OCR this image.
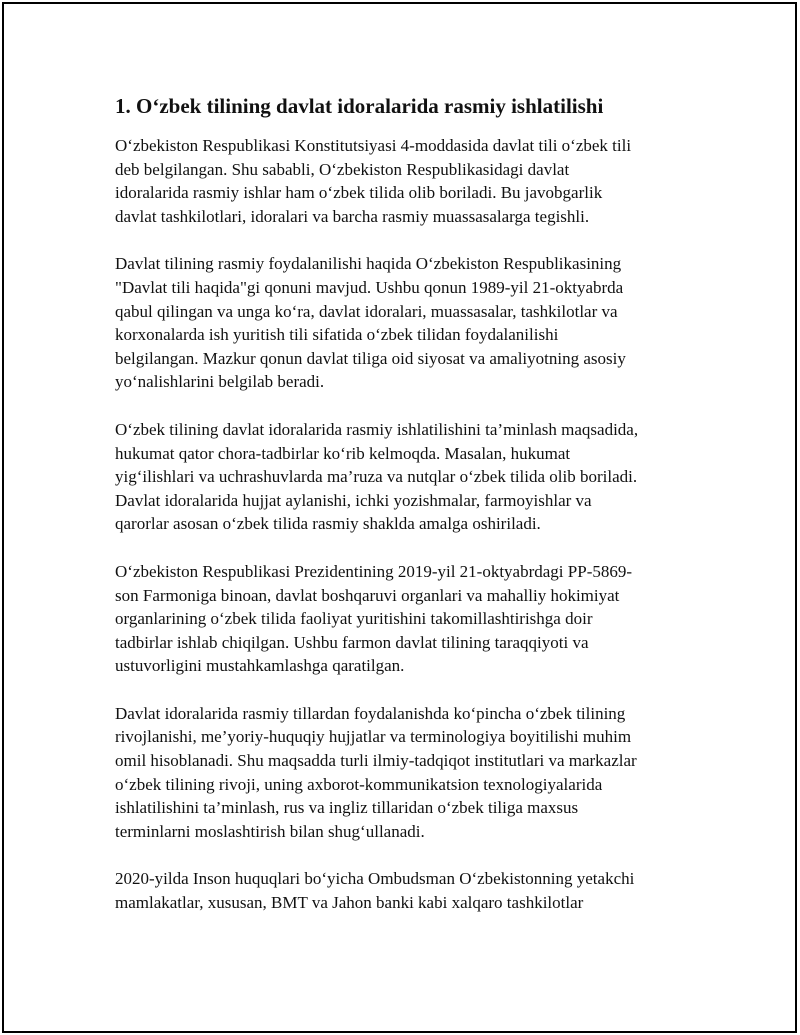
1. O‘zbek tilining davlat idoralarida rasmiy ishlatilishi

O‘zbekiston Respublikasi Konstitutsiyasi 4-moddasida davlat tili o‘zbek tili
deb belgilangan. Shu sababli, O‘zbekiston Respublikasidagi davlat
idoralarida rasmiy ishlar ham o‘zbek tilida olib boriladi. Bu javobgarlik
davlat tashkilotlari, idoralari va barcha rasmiy muassasalarga tegishli.

Davlat tilining rasmiy foydalanilishi haqida O‘zbekiston Respublikasining
"Davlat tili haqida"gi qonuni mavjud. Ushbu qonun 1989-yil 21-oktyabrda
qabul qilingan va unga ko‘ra, davlat idoralari, muassasalar, tashkilotlar va
korxonalarda ish yuritish tili sifatida o‘zbek tilidan foydalanilishi
belgilangan. Mazkur qonun davlat tiliga oid siyosat va amaliyotning asosiy
yo‘nalishlarini belgilab beradi.

O‘zbek tilining davlat idoralarida rasmiy ishlatilishini ta’minlash maqsadida,
hukumat qator chora-tadbirlar ko‘rib kelmoqda. Masalan, hukumat
yig‘ilishlari va uchrashuvlarda ma’ruza va nutqlar o‘zbek tilida olib boriladi.
Davlat idoralarida hujjat aylanishi, ichki yozishmalar, farmoyishlar va
qarorlar asosan o‘zbek tilida rasmiy shaklda amalga oshiriladi.

O‘zbekiston Respublikasi Prezidentining 2019-yil 21-oktyabrdagi PP-5869-
son Farmoniga binoan, davlat boshqaruvi organlari va mahalliy hokimiyat
organlarining o‘zbek tilida faoliyat yuritishini takomillashtirishga doir
tadbirlar ishlab chiqilgan. Ushbu farmon davlat tilining taraqqiyoti va
ustuvorligini mustahkamlashga qaratilgan.

Davlat idoralarida rasmiy tillardan foydalanishda ko‘pincha o‘zbek tilining
rivojlanishi, me’yoriy-huquqiy hujjatlar va terminologiya boyitilishi muhim
omil hisoblanadi. Shu maqsadda turli ilmiy-tadqiqot institutlari va markazlar
o‘zbek tilining rivoji, uning axborot-kommunikatsion texnologiyalarida
ishlatilishini ta’minlash, rus va ingliz tillaridan o‘zbek tiliga maxsus
terminlarni moslashtirish bilan shug‘ullanadi.

2020-yilda Inson huquqlari bo‘yicha Ombudsman O‘zbekistonning yetakchi
mamlakatlar, xususan, BMT va Jahon banki kabi xalqaro tashkilotlar
